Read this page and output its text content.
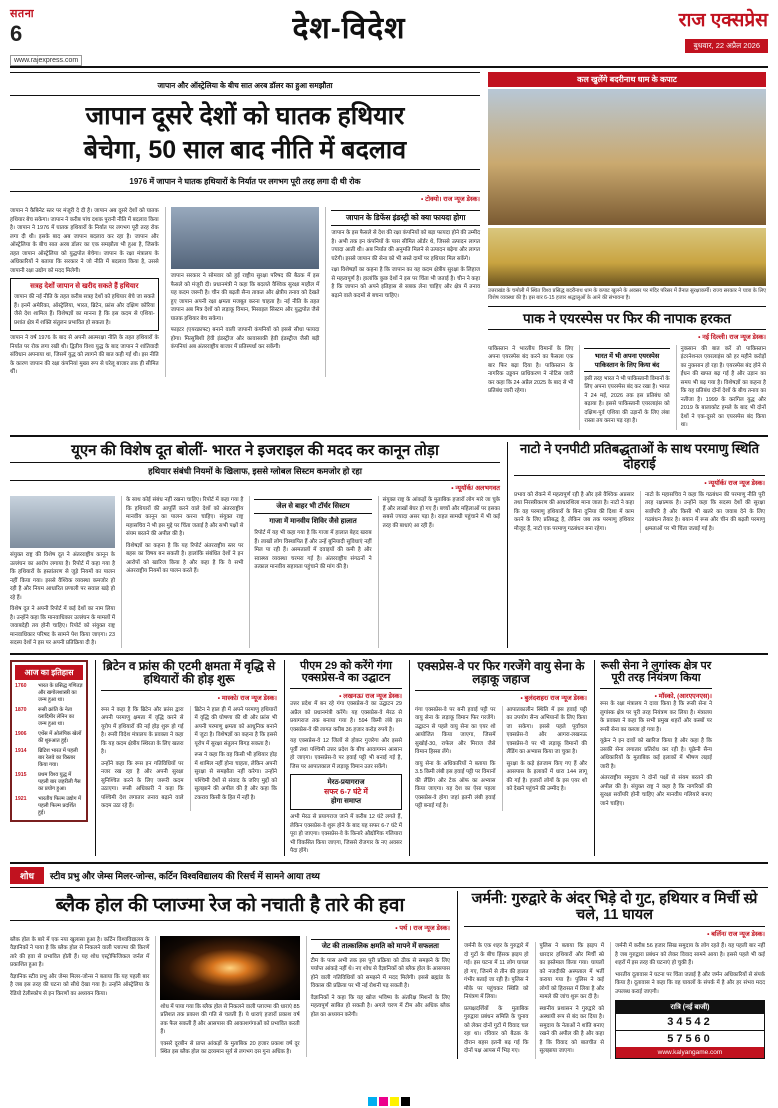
सतना
6
www.rajexpress.com
देश-विदेश	राज एक्सप्रेस
बुधवार, 22 अप्रैल 2026
जापान और ऑस्ट्रेलिया के बीच सात अरब डॉलर का हुआ समझौता
जापान दूसरे देशों को घातक हथियार
बेचेगा, 50 साल बाद नीति में बदलाव
1976 में जापान ने घातक हथियारों के निर्यात पर लगभग पूरी तरह लगा दी थी रोक
• टोक्यो। राज न्यूज डेस्क।
जापान ने कैबिनेट स्तर पर मंजूरी दे दी है। जापान अब दूसरे देशों को घातक हथियार बेच सकेगा। जापान ने करीब पांच दशक पुरानी नीति में बदलाव किया है। जापान ने 1976 में घातक हथियारों के निर्यात पर लगभग पूरी तरह रोक लगा दी थी। इसके बाद अब जापान बदलाव कर रहा है। जापान और ऑस्ट्रेलिया के बीच सात अरब डॉलर का एक समझौता भी हुआ है, जिसके तहत जापान ऑस्ट्रेलिया को युद्धपोत बेचेगा। जापान के रक्षा मंत्रालय के अधिकारियों ने बताया कि सरकार ने जो नीति में बदलाव किया है, उससे जापानी रक्षा उद्योग को मदद मिलेगी।
सत्रह देशों जापान से खरीद सकते हैं हथियार
जापान की नई नीति के तहत करीब सत्रह देशों को हथियार बेचे जा सकते हैं। इनमें अमेरिका, ऑस्ट्रेलिया, भारत, ब्रिटेन, फ्रांस और दक्षिण कोरिया जैसे देश शामिल हैं। विशेषज्ञों का मानना है कि इस कदम से एशिया-प्रशांत क्षेत्र में शक्ति संतुलन प्रभावित हो सकता है।
जापान ने वर्ष 1976 के बाद से अपनी आत्मरक्षा नीति के तहत हथियारों के निर्यात पर रोक लगा रखी थी। द्वितीय विश्व युद्ध के बाद जापान ने शांतिवादी संविधान अपनाया था, जिसमें युद्ध को त्यागने की बात कही गई थी। इस नीति के कारण जापान की रक्षा कंपनियां मुख्य रूप से घरेलू बाजार तक ही सीमित थीं।
जापान सरकार ने सोमवार को हुई राष्ट्रीय सुरक्षा परिषद की बैठक में इस फैसले को मंजूरी दी। प्रधानमंत्री ने कहा कि बदलते वैश्विक सुरक्षा माहौल में यह कदम जरूरी है। चीन की बढ़ती सैन्य ताकत और क्षेत्रीय तनाव को देखते हुए जापान अपनी रक्षा क्षमता मजबूत करना चाहता है। नई नीति के तहत जापान अब मित्र देशों को लड़ाकू विमान, मिसाइल सिस्टम और युद्धपोत जैसे घातक हथियार बेच सकेगा।
फाइटर (एयरक्राफ्ट) बनाने वाली जापानी कंपनियों को इससे सीधा फायदा होगा। मित्सुबिशी हेवी इंडस्ट्रीज और कावासाकी हेवी इंडस्ट्रीज जैसी बड़ी कंपनियां अब अंतरराष्ट्रीय बाजार में प्रतिस्पर्धा कर सकेंगी।
जापान के डिफेंस इंडस्ट्री को क्या फायदा होगा
जापान के इस फैसले से देश की रक्षा कंपनियों को बड़ा फायदा होने की उम्मीद है। अभी तक इन कंपनियों के पास सीमित ऑर्डर थे, जिससे उत्पादन लागत ज्यादा आती थी। अब निर्यात की अनुमति मिलने से उत्पादन बढ़ेगा और लागत घटेगी। इससे जापान की सेना को भी सस्ते दामों पर हथियार मिल सकेंगे।
रक्षा विशेषज्ञों का कहना है कि जापान का यह कदम क्षेत्रीय सुरक्षा के लिहाज से महत्वपूर्ण है। हालांकि कुछ देशों ने इस पर चिंता भी जताई है। चीन ने कहा है कि जापान को अपने इतिहास से सबक लेना चाहिए और क्षेत्र में तनाव बढ़ाने वाले कदमों से बचना चाहिए।
कल खुलेंगे बदरीनाथ धाम के कपाट
उत्तराखंड के चमोली में स्थित विश्व प्रसिद्ध बदरीनाथ धाम के कपाट खुलने के अवसर पर मंदिर परिसर में तैनात सुरक्षाकर्मी। राज्य सरकार ने यात्रा के लिए विशेष व्यवस्था की है। इस बार 6-15 हजार श्रद्धालुओं के आने की संभावना है।
पाक ने एयरस्पेस पर फिर की नापाक हरकत
• नई दिल्ली। राज न्यूज डेस्क।
पाकिस्तान ने भारतीय विमानों के लिए अपना एयरस्पेस बंद करने का फैसला एक बार फिर बढ़ा दिया है। पाकिस्तान के नागरिक उड्डयन प्राधिकरण ने नोटिस जारी कर कहा कि 24 अप्रैल 2025 के बाद से भी प्रतिबंध जारी रहेगा।
भारत में भी अपना एयरस्पेस पाकिस्तान के लिए किया बंद
इसी तरह भारत ने भी पाकिस्तानी विमानों के लिए अपना एयरस्पेस बंद कर रखा है। भारत ने 24 मई, 2026 तक इस प्रतिबंध को बढ़ाया है। इससे पाकिस्तानी एयरलाइंस को दक्षिण-पूर्व एशिया की उड़ानों के लिए लंबा रास्ता तय करना पड़ रहा है।
नुकसान की बात करें तो पाकिस्तान इंटरनेशनल एयरलाइंस को हर महीने करोड़ों का नुकसान हो रहा है। एयरस्पेस बंद होने से ईंधन की खपत बढ़ गई है और उड़ान का समय भी बढ़ गया है। विशेषज्ञों का कहना है कि यह प्रतिबंध दोनों देशों के बीच तनाव का नतीजा है। 1999 के करगिल युद्ध और 2019 के बालाकोट हमले के बाद भी दोनों देशों ने एक-दूसरे का एयरस्पेस बंद किया था।
यूएन की विशेष दूत बोलीं- भारत ने इजराइल की मदद कर कानून तोड़ा
हथियार संबंधी नियमों के खिलाफ, इससे ग्लोबल सिस्टम कमजोर हो रहा
• न्यूयॉर्क/ अलभगवत
संयुक्त राष्ट्र की विशेष दूत ने अंतरराष्ट्रीय कानून के उल्लंघन का आरोप लगाया है। रिपोर्ट में कहा गया है कि हथियारों के हस्तांतरण से जुड़े नियमों का पालन नहीं किया गया। इससे वैश्विक व्यवस्था कमजोर हो रही है और नियम आधारित प्रणाली पर सवाल खड़े हो रहे हैं।
विशेष दूत ने अपनी रिपोर्ट में कई देशों का नाम लिया है। उन्होंने कहा कि मानवाधिकार उल्लंघन के मामलों में जवाबदेही तय होनी चाहिए। रिपोर्ट को संयुक्त राष्ट्र मानवाधिकार परिषद के सामने पेश किया जाएगा। 23 सदस्य देशों ने इस पर अपनी प्रतिक्रिया दी है।
के साथ कोई संबंध नहीं रखना चाहिए। रिपोर्ट में कहा गया है कि हथियारों की आपूर्ति करने वाले देशों को अंतरराष्ट्रीय मानवीय कानून का पालन करना चाहिए। संयुक्त राष्ट्र महासचिव ने भी इस मुद्दे पर चिंता जताई है और सभी पक्षों से संयम बरतने की अपील की है।
विशेषज्ञों का कहना है कि यह रिपोर्ट अंतरराष्ट्रीय स्तर पर बहस का विषय बन सकती है। हालांकि संबंधित देशों ने इन आरोपों को खारिज किया है और कहा है कि वे सभी अंतरराष्ट्रीय नियमों का पालन करते हैं।
जेल से बाहर भी टॉर्चर सिस्टम
गाजा में मानवीय शिविर जैसे हालात
रिपोर्ट में यह भी कहा गया है कि गाजा में हालात बेहद खराब हैं। लाखों लोग विस्थापित हैं और उन्हें बुनियादी सुविधाएं नहीं मिल पा रही हैं। अस्पतालों में दवाइयों की कमी है और स्वास्थ्य व्यवस्था चरमरा गई है। अंतरराष्ट्रीय संगठनों ने तत्काल मानवीय सहायता पहुंचाने की मांग की है।
संयुक्त राष्ट्र के आंकड़ों के मुताबिक हजारों लोग मारे जा चुके हैं और लाखों बेघर हो गए हैं। बच्चों और महिलाओं पर इसका सबसे ज्यादा असर पड़ा है। राहत सामग्री पहुंचाने में भी कई तरह की बाधाएं आ रही हैं।
नाटो ने एनपीटी प्रतिबद्धताओं के साथ परमाणु स्थिति दोहराई
• न्यूयॉर्क/ राज न्यूज डेस्क।
प्रभाव को रोकने में महत्वपूर्ण रही है और इसे वैश्विक अप्रसार तथा निरस्त्रीकरण की आधारशिला माना जाता है। नाटो ने कहा कि वह परमाणु हथियारों के बिना दुनिया की दिशा में काम करने के लिए प्रतिबद्ध है, लेकिन जब तक परमाणु हथियार मौजूद हैं, नाटो एक परमाणु गठबंधन बना रहेगा।
नाटो के महासचिव ने कहा कि गठबंधन की परमाणु नीति पूरी तरह रक्षात्मक है। उन्होंने कहा कि सदस्य देशों की सुरक्षा सर्वोपरि है और किसी भी खतरे का जवाब देने के लिए गठबंधन तैयार है। बयान में रूस और चीन की बढ़ती परमाणु क्षमताओं पर भी चिंता जताई गई है।
आज का इतिहास
1760	भारत के प्रसिद्ध गणितज्ञ और खगोलशास्त्री का जन्म हुआ था।
1870	रूसी क्रांति के नेता व्लादिमीर लेनिन का जन्म हुआ था।
1906	एथेंस में ओलंपिक खेलों की शुरुआत हुई।
1914	ब्रिटिश भारत में पहली बार रेलवे का विस्तार किया गया।
1915	प्रथम विश्व युद्ध में पहली बार जहरीली गैस का प्रयोग हुआ।
1921	भारतीय फिल्म उद्योग में पहली फिल्म प्रदर्शित हुई।
ब्रिटेन व फ्रांस की एटमी क्षमता में वृद्धि से हथियारों की होड़ शुरू
• मास्को/ राज न्यूज डेस्क।
रूस ने कहा है कि ब्रिटेन और फ्रांस द्वारा अपनी परमाणु क्षमता में वृद्धि करने से यूरोप में हथियारों की नई होड़ शुरू हो गई है। रूसी विदेश मंत्रालय के प्रवक्ता ने कहा कि यह कदम क्षेत्रीय स्थिरता के लिए खतरा है।
उन्होंने कहा कि रूस इन गतिविधियों पर नजर रख रहा है और अपनी सुरक्षा सुनिश्चित करने के लिए जरूरी कदम उठाएगा। रूसी अधिकारी ने कहा कि पश्चिमी देश लगातार तनाव बढ़ाने वाले कदम उठा रहे हैं।
ब्रिटेन ने हाल ही में अपने परमाणु हथियारों में वृद्धि की घोषणा की थी और फ्रांस भी अपनी परमाणु क्षमता को आधुनिक बनाने में जुटा है। विशेषज्ञों का कहना है कि इससे यूरोप में सुरक्षा संतुलन बिगड़ सकता है।
रूस ने कहा कि वह किसी भी हथियार होड़ में शामिल नहीं होना चाहता, लेकिन अपनी सुरक्षा से समझौता नहीं करेगा। उन्होंने पश्चिमी देशों से संवाद के जरिए मुद्दों को सुलझाने की अपील की है और कहा कि टकराव किसी के हित में नहीं है।
पीएम 29 को करेंगे गंगा एक्सप्रेस-वे का उद्घाटन
• लखनऊ/ राज न्यूज डेस्क।
उत्तर प्रदेश में बन रहे गंगा एक्सप्रेस-वे का उद्घाटन 29 अप्रैल को प्रधानमंत्री करेंगे। यह एक्सप्रेस-वे मेरठ से प्रयागराज तक बनाया गया है। 594 किमी लंबे इस एक्सप्रेस-वे की लागत करीब 36 हजार करोड़ रुपये है।
यह एक्सप्रेस-वे 12 जिलों से होकर गुजरेगा और इससे पूर्वी तथा पश्चिमी उत्तर प्रदेश के बीच आवागमन आसान हो जाएगा। एक्सप्रेस-वे पर हवाई पट्टी भी बनाई गई है, जिस पर आपातकाल में लड़ाकू विमान उतर सकेंगे।
मेरठ-प्रयागराज
सफर 6-7 घंटे में
होगा समाप्त
अभी मेरठ से प्रयागराज जाने में करीब 12 घंटे लगते हैं, लेकिन एक्सप्रेस-वे शुरू होने के बाद यह सफर 6-7 घंटे में पूरा हो जाएगा। एक्सप्रेस-वे के किनारे औद्योगिक गलियारा भी विकसित किया जाएगा, जिससे रोजगार के नए अवसर पैदा होंगे।
एक्सप्रेस-वे पर फिर गरजेंगे वायु सेना के लड़ाकू जहाज
• बुलंदशहर/ राज न्यूज डेस्क।
गंगा एक्सप्रेस-वे पर बनी हवाई पट्टी पर वायु सेना के लड़ाकू विमान फिर गरजेंगे। उद्घाटन से पहले वायु सेना का एयर शो आयोजित किया जाएगा, जिसमें सुखोई-30, राफेल और मिराज जैसे विमान हिस्सा लेंगे।
वायु सेना के अधिकारियों ने बताया कि 3.5 किमी लंबी इस हवाई पट्टी पर विमानों की लैंडिंग और टेक ऑफ का अभ्यास किया जाएगा। यह देश का ऐसा पहला एक्सप्रेस-वे होगा जहां इतनी लंबी हवाई पट्टी बनाई गई है।
आपातकालीन स्थिति में इस हवाई पट्टी का उपयोग सैन्य अभियानों के लिए किया जा सकेगा। इससे पहले पूर्वांचल एक्सप्रेस-वे और आगरा-लखनऊ एक्सप्रेस-वे पर भी लड़ाकू विमानों की लैंडिंग का अभ्यास किया जा चुका है।
सुरक्षा के कड़े इंतजाम किए गए हैं और आसपास के इलाकों में धारा 144 लागू की गई है। हजारों लोगों के इस एयर शो को देखने पहुंचने की उम्मीद है।
रूसी सेना ने लुगांस्क क्षेत्र पर पूरी तरह नियंत्रण किया
• मॉस्को, (आरएएनएस)।
रूस के रक्षा मंत्रालय ने दावा किया है कि रूसी सेना ने लुगांस्क क्षेत्र पर पूरी तरह नियंत्रण कर लिया है। मंत्रालय के प्रवक्ता ने कहा कि सभी प्रमुख शहरों और कस्बों पर रूसी सेना का कब्जा हो गया है।
यूक्रेन ने इन दावों को खारिज किया है और कहा है कि उसकी सेना लगातार प्रतिरोध कर रही है। यूक्रेनी सैन्य अधिकारियों के मुताबिक कई इलाकों में भीषण लड़ाई जारी है।
अंतरराष्ट्रीय समुदाय ने दोनों पक्षों से संयम बरतने की अपील की है। संयुक्त राष्ट्र ने कहा है कि नागरिकों की सुरक्षा सर्वोपरि होनी चाहिए और मानवीय गलियारे बनाए जाने चाहिए।
शोध	स्टीव प्रभु और जेम्स मिलर-जोन्स, कर्टिन विश्वविद्यालय की रिसर्च में सामने आया तथ्य
ब्लैक होल की प्लाज्मा रेज को नचाती है तारे की हवा
• पर्थ । राज न्यूज डेस्क।
ब्लैक होल के बारे में एक नया खुलासा हुआ है। कर्टिन विश्वविद्यालय के वैज्ञानिकों ने पाया है कि ब्लैक होल से निकलने वाली प्लाज्मा की किरणें तारे की हवा से प्रभावित होती हैं। यह शोध एस्ट्रोफिजिकल जर्नल में प्रकाशित हुआ है।
वैज्ञानिक स्टीव प्रभु और जेम्स मिलर-जोन्स ने बताया कि यह पहली बार है जब इस तरह की घटना को सीधे देखा गया है। उन्होंने ऑस्ट्रेलिया के रेडियो टेलीस्कोप से इन किरणों का अध्ययन किया।
शोध में पाया गया कि ब्लैक होल से निकलने वाली प्लाज्मा की धाराएं 85 प्रतिशत तक प्रकाश की गति से चलती हैं। ये धाराएं हजारों प्रकाश वर्ष तक फैल सकती हैं और आसपास की आकाशगंगाओं को प्रभावित करती हैं।
एक्सरे दूरबीन से प्राप्त आंकड़ों के मुताबिक 20 हजार प्रकाश वर्ष दूर स्थित इस ब्लैक होल का द्रव्यमान सूर्य से लगभग दस गुना अधिक है।
जेट की तात्कालिक क्षमति को मापने में सफलता
टीम के पास अभी तक इस पूरी प्रक्रिया को ठीक से समझने के लिए पर्याप्त आंकड़े नहीं थे। नए शोध से वैज्ञानिकों को ब्लैक होल के आसपास होने वाली गतिविधियों को समझने में मदद मिलेगी। इससे ब्रह्मांड के विकास की प्रक्रिया पर भी नई रोशनी पड़ सकती है।
वैज्ञानिकों ने कहा कि यह खोज भविष्य के अंतरिक्ष मिशनों के लिए महत्वपूर्ण साबित हो सकती है। अगले चरण में टीम और अधिक ब्लैक होल का अध्ययन करेगी।
जर्मनी: गुरुद्वारे के अंदर भिड़े दो गुट, हथियार व मिर्ची स्प्रे चले, 11 घायल
• बर्लिन/ राज न्यूज डेस्क।
जर्मनी के एक शहर के गुरुद्वारे में दो गुटों के बीच हिंसक झड़प हो गई। इस घटना में 11 लोग घायल हो गए, जिनमें से तीन की हालत गंभीर बताई जा रही है। पुलिस ने मौके पर पहुंचकर स्थिति को नियंत्रण में लिया।
प्रत्यक्षदर्शियों के मुताबिक गुरुद्वारा प्रबंधन समिति के चुनाव को लेकर दोनों गुटों में विवाद चल रहा था। रविवार को बैठक के दौरान बहस इतनी बढ़ गई कि दोनों पक्ष आपस में भिड़ गए।
पुलिस ने बताया कि झड़प में धारदार हथियारों और मिर्ची स्प्रे का इस्तेमाल किया गया। घायलों को नजदीकी अस्पताल में भर्ती कराया गया है। पुलिस ने कई लोगों को हिरासत में लिया है और मामले की जांच शुरू कर दी है।
स्थानीय प्रशासन ने गुरुद्वारे को अस्थायी रूप से बंद कर दिया है। समुदाय के नेताओं ने शांति बनाए रखने की अपील की है और कहा है कि विवाद को बातचीत से सुलझाया जाएगा।
जर्मनी में करीब 56 हजार सिख समुदाय के लोग रहते हैं। यह पहली बार नहीं है जब गुरुद्वारा प्रबंधन को लेकर विवाद सामने आया है। इससे पहले भी कई शहरों में इस तरह की घटनाएं हो चुकी हैं।
भारतीय दूतावास ने घटना पर चिंता जताई है और जर्मन अधिकारियों से संपर्क किया है। दूतावास ने कहा कि वह घायलों के संपर्क में है और हर संभव मदद उपलब्ध कराई जाएगी।
रात्रि (नई बाजी)
34542
57560
www.kalyangame.com
